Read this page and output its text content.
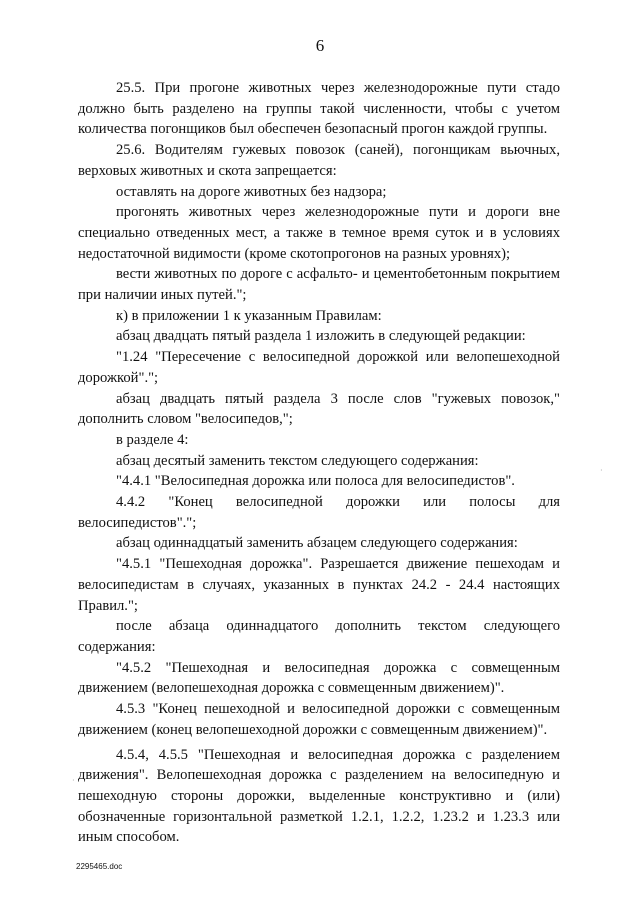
6

25.5. При прогоне животных через железнодорожные пути стадо должно быть разделено на группы такой численности, чтобы с учетом количества погонщиков был обеспечен безопасный прогон каждой группы.

25.6. Водителям гужевых повозок (саней), погонщикам вьючных, верховых животных и скота запрещается:

оставлять на дороге животных без надзора;

прогонять животных через железнодорожные пути и дороги вне специально отведенных мест, а также в темное время суток и в условиях недостаточной видимости (кроме скотопрогонов на разных уровнях);

вести животных по дороге с асфальто- и цементобетонным покрытием при наличии иных путей.";

к) в приложении 1 к указанным Правилам:

абзац двадцать пятый раздела 1 изложить в следующей редакции:

"1.24 "Пересечение с велосипедной дорожкой или велопешеходной дорожкой".";

абзац двадцать пятый раздела 3 после слов "гужевых повозок," дополнить словом "велосипедов,";

в разделе 4:

абзац десятый заменить текстом следующего содержания:

"4.4.1 "Велосипедная дорожка или полоса для велосипедистов".

4.4.2 "Конец велосипедной дорожки или полосы для велосипедистов".";

абзац одиннадцатый заменить абзацем следующего содержания:

"4.5.1 "Пешеходная дорожка". Разрешается движение пешеходам и велосипедистам в случаях, указанных в пунктах 24.2 - 24.4 настоящих Правил.";

после абзаца одиннадцатого дополнить текстом следующего содержания:

"4.5.2 "Пешеходная и велосипедная дорожка с совмещенным движением (велопешеходная дорожка с совмещенным движением)".

4.5.3 "Конец пешеходной и велосипедной дорожки с совмещенным движением (конец велопешеходной дорожки с совмещенным движением)".

4.5.4, 4.5.5 "Пешеходная и велосипедная дорожка с разделением движения". Велопешеходная дорожка с разделением на велосипедную и пешеходную стороны дорожки, выделенные конструктивно и (или) обозначенные горизонтальной разметкой 1.2.1, 1.2.2, 1.23.2 и 1.23.3 или иным способом.

·
·
2295465.doc
